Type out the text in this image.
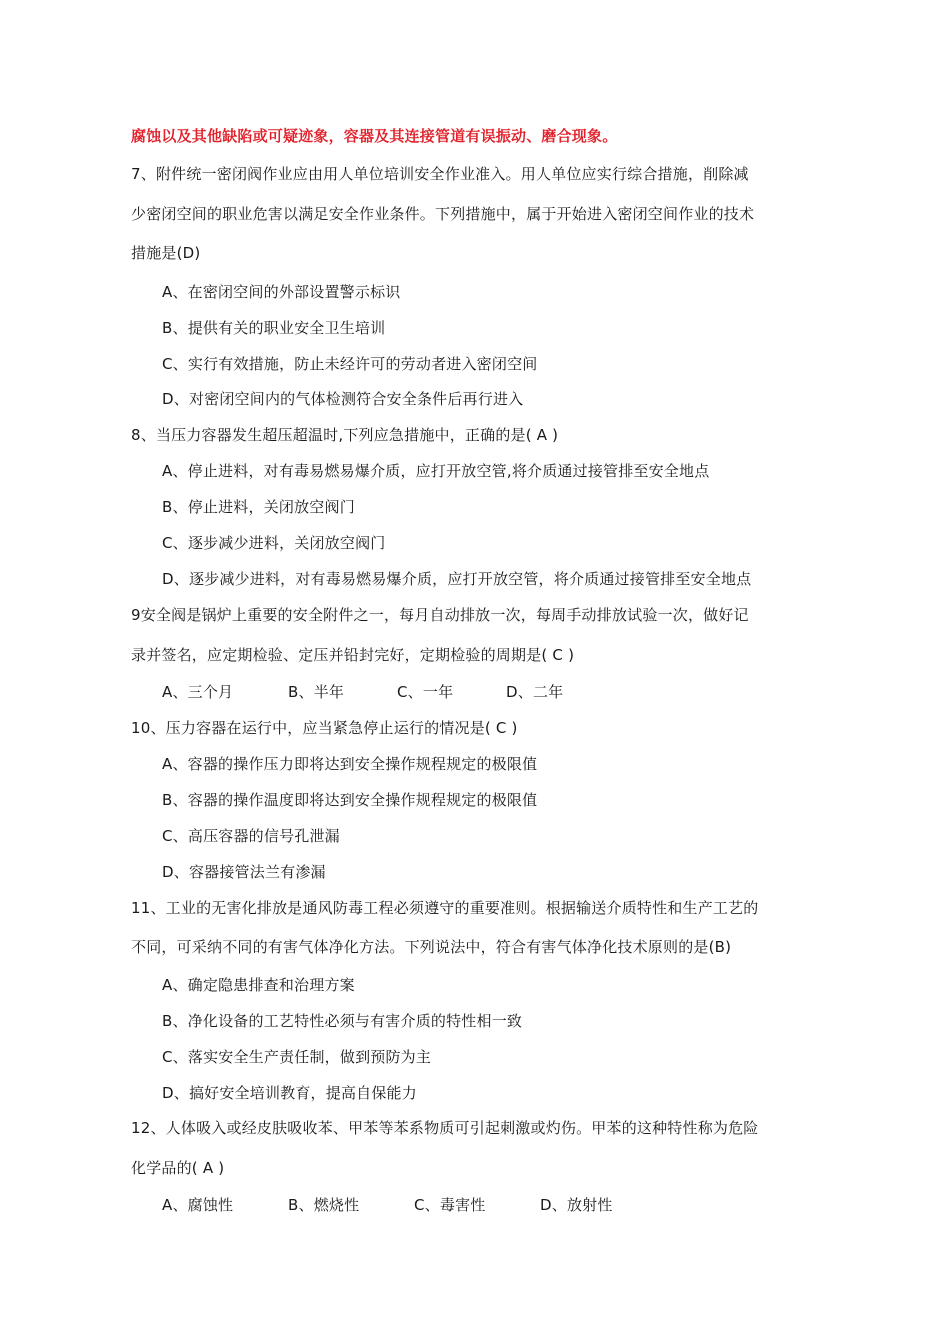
腐蚀以及其他缺陷或可疑迹象，容器及其连接管道有误振动、磨合现象。
7、附件统一密闭阀作业应由用人单位培训安全作业准入。用人单位应实行综合措施，削除减
少密闭空间的职业危害以满足安全作业条件。下列措施中，属于开始进入密闭空间作业的技术
措施是(D)
A、在密闭空间的外部设置警示标识
B、提供有关的职业安全卫生培训
C、实行有效措施，防止未经许可的劳动者进入密闭空间
D、对密闭空间内的气体检测符合安全条件后再行进入
8、当压力容器发生超压超温时,下列应急措施中，正确的是( A )
A、停止进料，对有毒易燃易爆介质，应打开放空管,将介质通过接管排至安全地点
B、停止进料，关闭放空阀门
C、逐步减少进料，关闭放空阀门
D、逐步减少进料，对有毒易燃易爆介质，应打开放空管，将介质通过接管排至安全地点
9安全阀是锅炉上重要的安全附件之一，每月自动排放一次，每周手动排放试验一次，做好记
录并签名，应定期检验、定压并铅封完好，定期检验的周期是( C )
A、三个月	B、半年	C、一年	D、二年
10、压力容器在运行中，应当紧急停止运行的情况是( C )
A、容器的操作压力即将达到安全操作规程规定的极限值
B、容器的操作温度即将达到安全操作规程规定的极限值
C、高压容器的信号孔泄漏
D、容器接管法兰有渗漏
11、工业的无害化排放是通风防毒工程必须遵守的重要准则。根据输送介质特性和生产工艺的
不同，可采纳不同的有害气体净化方法。下列说法中，符合有害气体净化技术原则的是(B)
A、确定隐患排查和治理方案
B、净化设备的工艺特性必须与有害介质的特性相一致
C、落实安全生产责任制，做到预防为主
D、搞好安全培训教育，提高自保能力
12、人体吸入或经皮肤吸收苯、甲苯等苯系物质可引起刺激或灼伤。甲苯的这种特性称为危险
化学品的( A )
A、腐蚀性	B、燃烧性	C、毒害性	D、放射性
